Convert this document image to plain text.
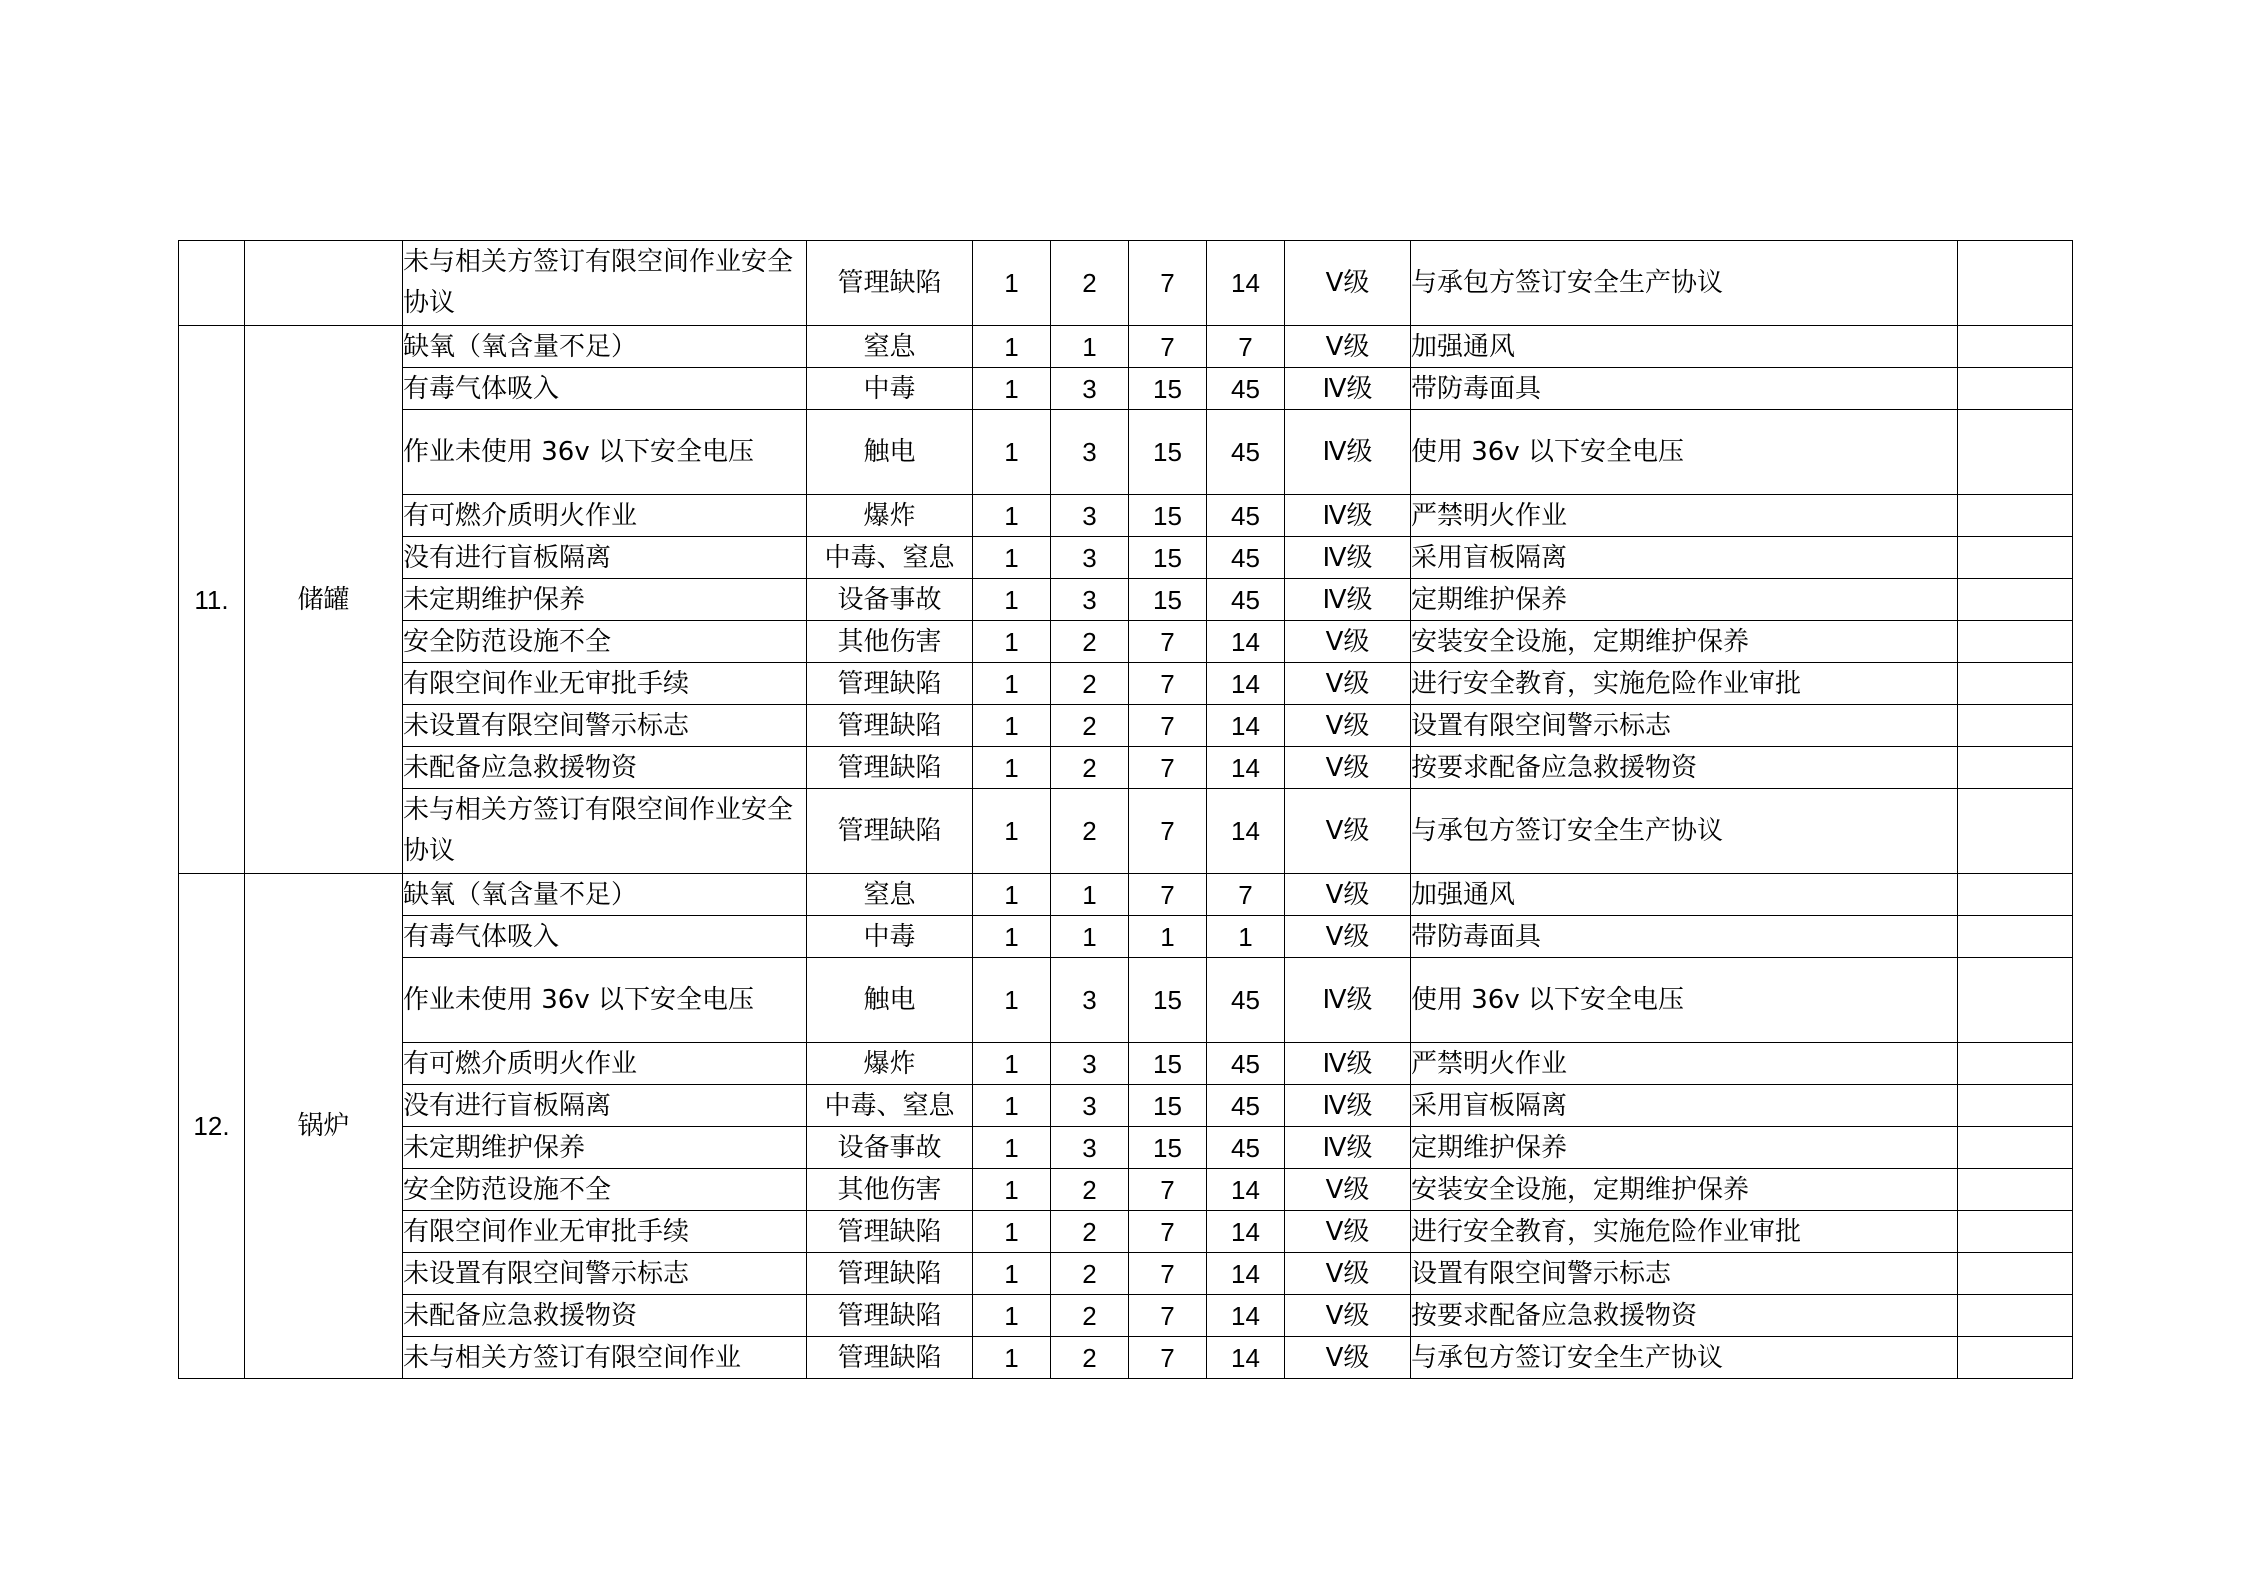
		未与相关方签订有限空间作业安全协议	管理缺陷	1	2	7	14	Ⅴ级	与承包方签订安全生产协议	
11.	储罐	缺氧（氧含量不足）	窒息	1	1	7	7	Ⅴ级	加强通风	
		有毒气体吸入	中毒	1	3	15	45	Ⅳ级	带防毒面具	
		作业未使用 36v 以下安全电压	触电	1	3	15	45	Ⅳ级	使用 36v 以下安全电压	
		有可燃介质明火作业	爆炸	1	3	15	45	Ⅳ级	严禁明火作业	
		没有进行盲板隔离	中毒、窒息	1	3	15	45	Ⅳ级	采用盲板隔离	
		未定期维护保养	设备事故	1	3	15	45	Ⅳ级	定期维护保养	
		安全防范设施不全	其他伤害	1	2	7	14	Ⅴ级	安装安全设施，定期维护保养	
		有限空间作业无审批手续	管理缺陷	1	2	7	14	Ⅴ级	进行安全教育，实施危险作业审批	
		未设置有限空间警示标志	管理缺陷	1	2	7	14	Ⅴ级	设置有限空间警示标志	
		未配备应急救援物资	管理缺陷	1	2	7	14	Ⅴ级	按要求配备应急救援物资	
		未与相关方签订有限空间作业安全协议	管理缺陷	1	2	7	14	Ⅴ级	与承包方签订安全生产协议	
12.	锅炉	缺氧（氧含量不足）	窒息	1	1	7	7	Ⅴ级	加强通风	
		有毒气体吸入	中毒	1	1	1	1	Ⅴ级	带防毒面具	
		作业未使用 36v 以下安全电压	触电	1	3	15	45	Ⅳ级	使用 36v 以下安全电压	
		有可燃介质明火作业	爆炸	1	3	15	45	Ⅳ级	严禁明火作业	
		没有进行盲板隔离	中毒、窒息	1	3	15	45	Ⅳ级	采用盲板隔离	
		未定期维护保养	设备事故	1	3	15	45	Ⅳ级	定期维护保养	
		安全防范设施不全	其他伤害	1	2	7	14	Ⅴ级	安装安全设施，定期维护保养	
		有限空间作业无审批手续	管理缺陷	1	2	7	14	Ⅴ级	进行安全教育，实施危险作业审批	
		未设置有限空间警示标志	管理缺陷	1	2	7	14	Ⅴ级	设置有限空间警示标志	
		未配备应急救援物资	管理缺陷	1	2	7	14	Ⅴ级	按要求配备应急救援物资	
		未与相关方签订有限空间作业	管理缺陷	1	2	7	14	Ⅴ级	与承包方签订安全生产协议	
